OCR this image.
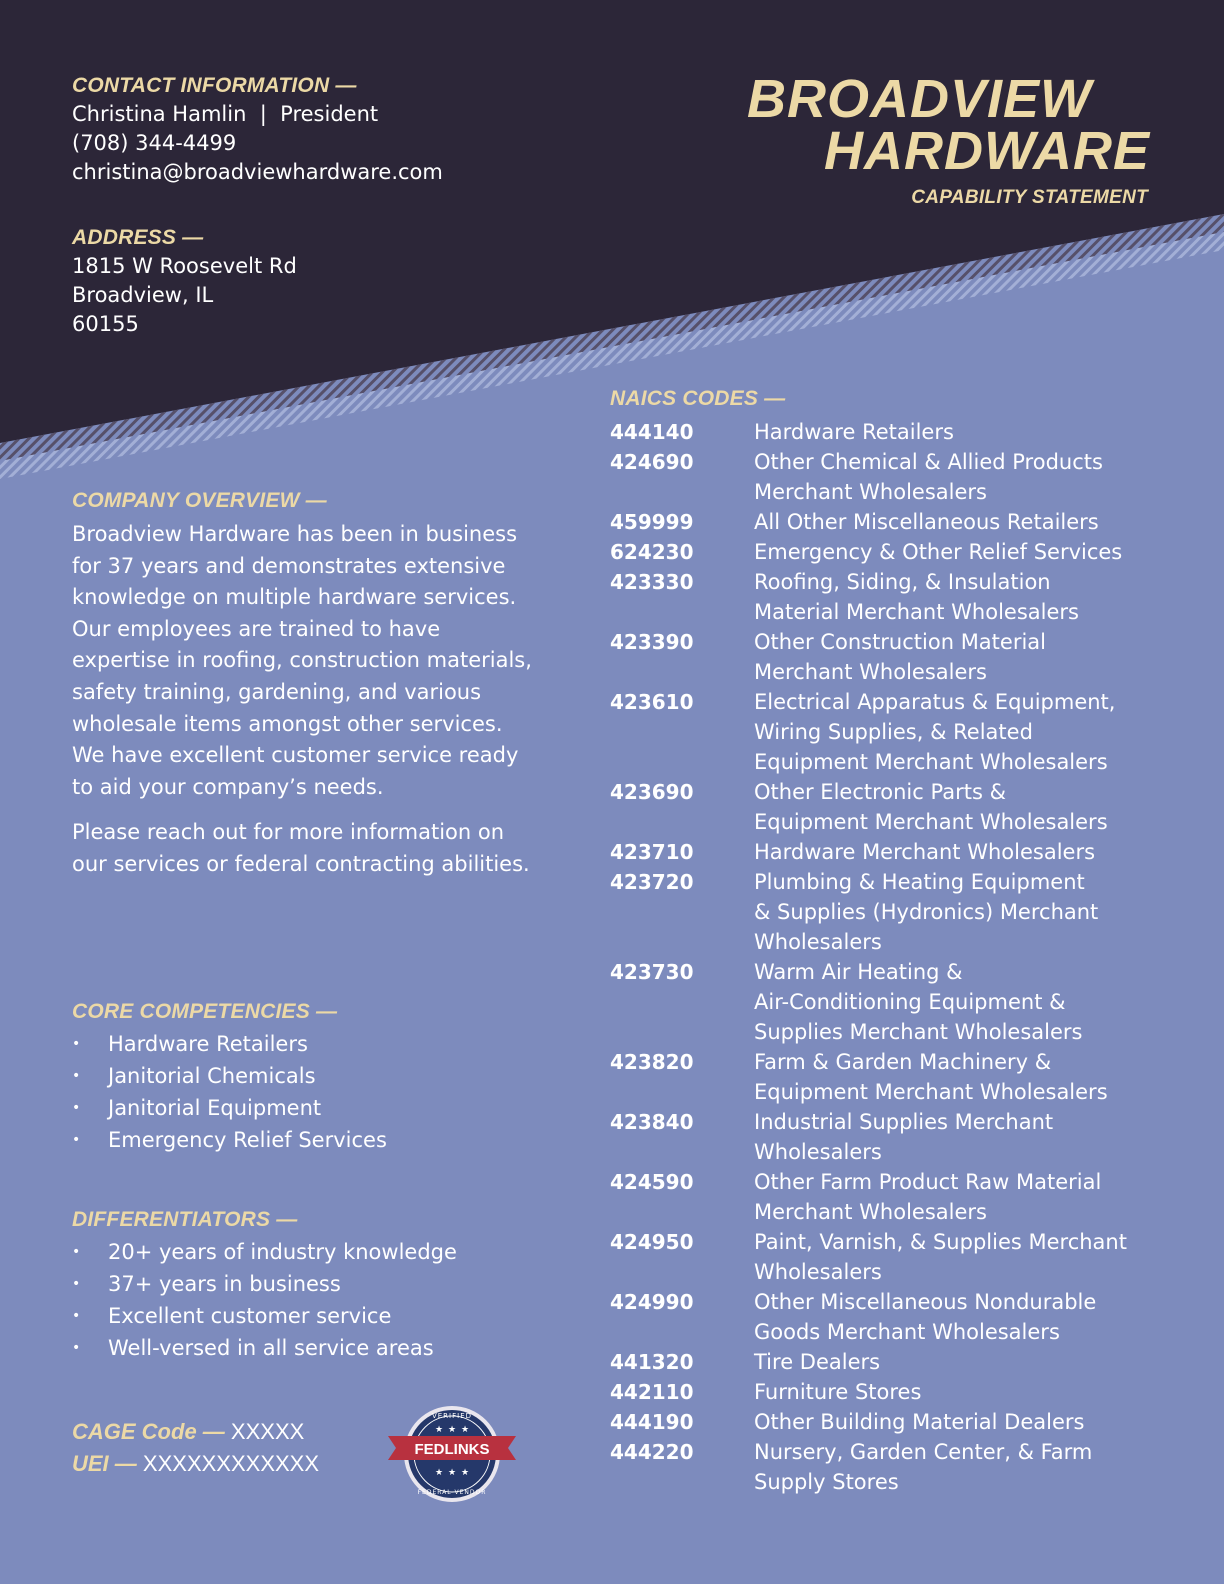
BROADVIEW
HARDWARE
CAPABILITY STATEMENT
CONTACT INFORMATION —
Christina Hamlin  |  President
(708) 344-4499
christina@broadviewhardware.com
ADDRESS —
1815 W Roosevelt Rd
Broadview, IL
60155
COMPANY OVERVIEW —

Broadview Hardware has been in business for 37 years and demonstrates extensive knowledge on multiple hardware services. Our employees are trained to have expertise in roofing, construction materials, safety training, gardening, and various wholesale items amongst other services. We have excellent customer service ready to aid your company’s needs.

Please reach out for more information on our services or federal contracting abilities.

CORE COMPETENCIES —
• Hardware Retailers
• Janitorial Chemicals
• Janitorial Equipment
• Emergency Relief Services
DIFFERENTIATORS —
• 20+ years of industry knowledge
• 37+ years in business
• Excellent customer service
• Well-versed in all service areas
CAGE Code — XXXXX
UEI — XXXXXXXXXXXX
VERIFIED
★ ★ ★
FEDLINKS
★ ★ ★
FEDERAL VENDOR
NAICS CODES —
444140	Hardware Retailers
424690	Other Chemical & Allied Products
Merchant Wholesalers
459999	All Other Miscellaneous Retailers
624230	Emergency & Other Relief Services
423330	Roofing, Siding, & Insulation
Material Merchant Wholesalers
423390	Other Construction Material
Merchant Wholesalers
423610	Electrical Apparatus & Equipment,
Wiring Supplies, & Related
Equipment Merchant Wholesalers
423690	Other Electronic Parts &
Equipment Merchant Wholesalers
423710	Hardware Merchant Wholesalers
423720	Plumbing & Heating Equipment
& Supplies (Hydronics) Merchant
Wholesalers
423730	Warm Air Heating &
Air-Conditioning Equipment &
Supplies Merchant Wholesalers
423820	Farm & Garden Machinery &
Equipment Merchant Wholesalers
423840	Industrial Supplies Merchant
Wholesalers
424590	Other Farm Product Raw Material
Merchant Wholesalers
424950	Paint, Varnish, & Supplies Merchant
Wholesalers
424990	Other Miscellaneous Nondurable
Goods Merchant Wholesalers
441320	Tire Dealers
442110	Furniture Stores
444190	Other Building Material Dealers
444220	Nursery, Garden Center, & Farm
Supply Stores
